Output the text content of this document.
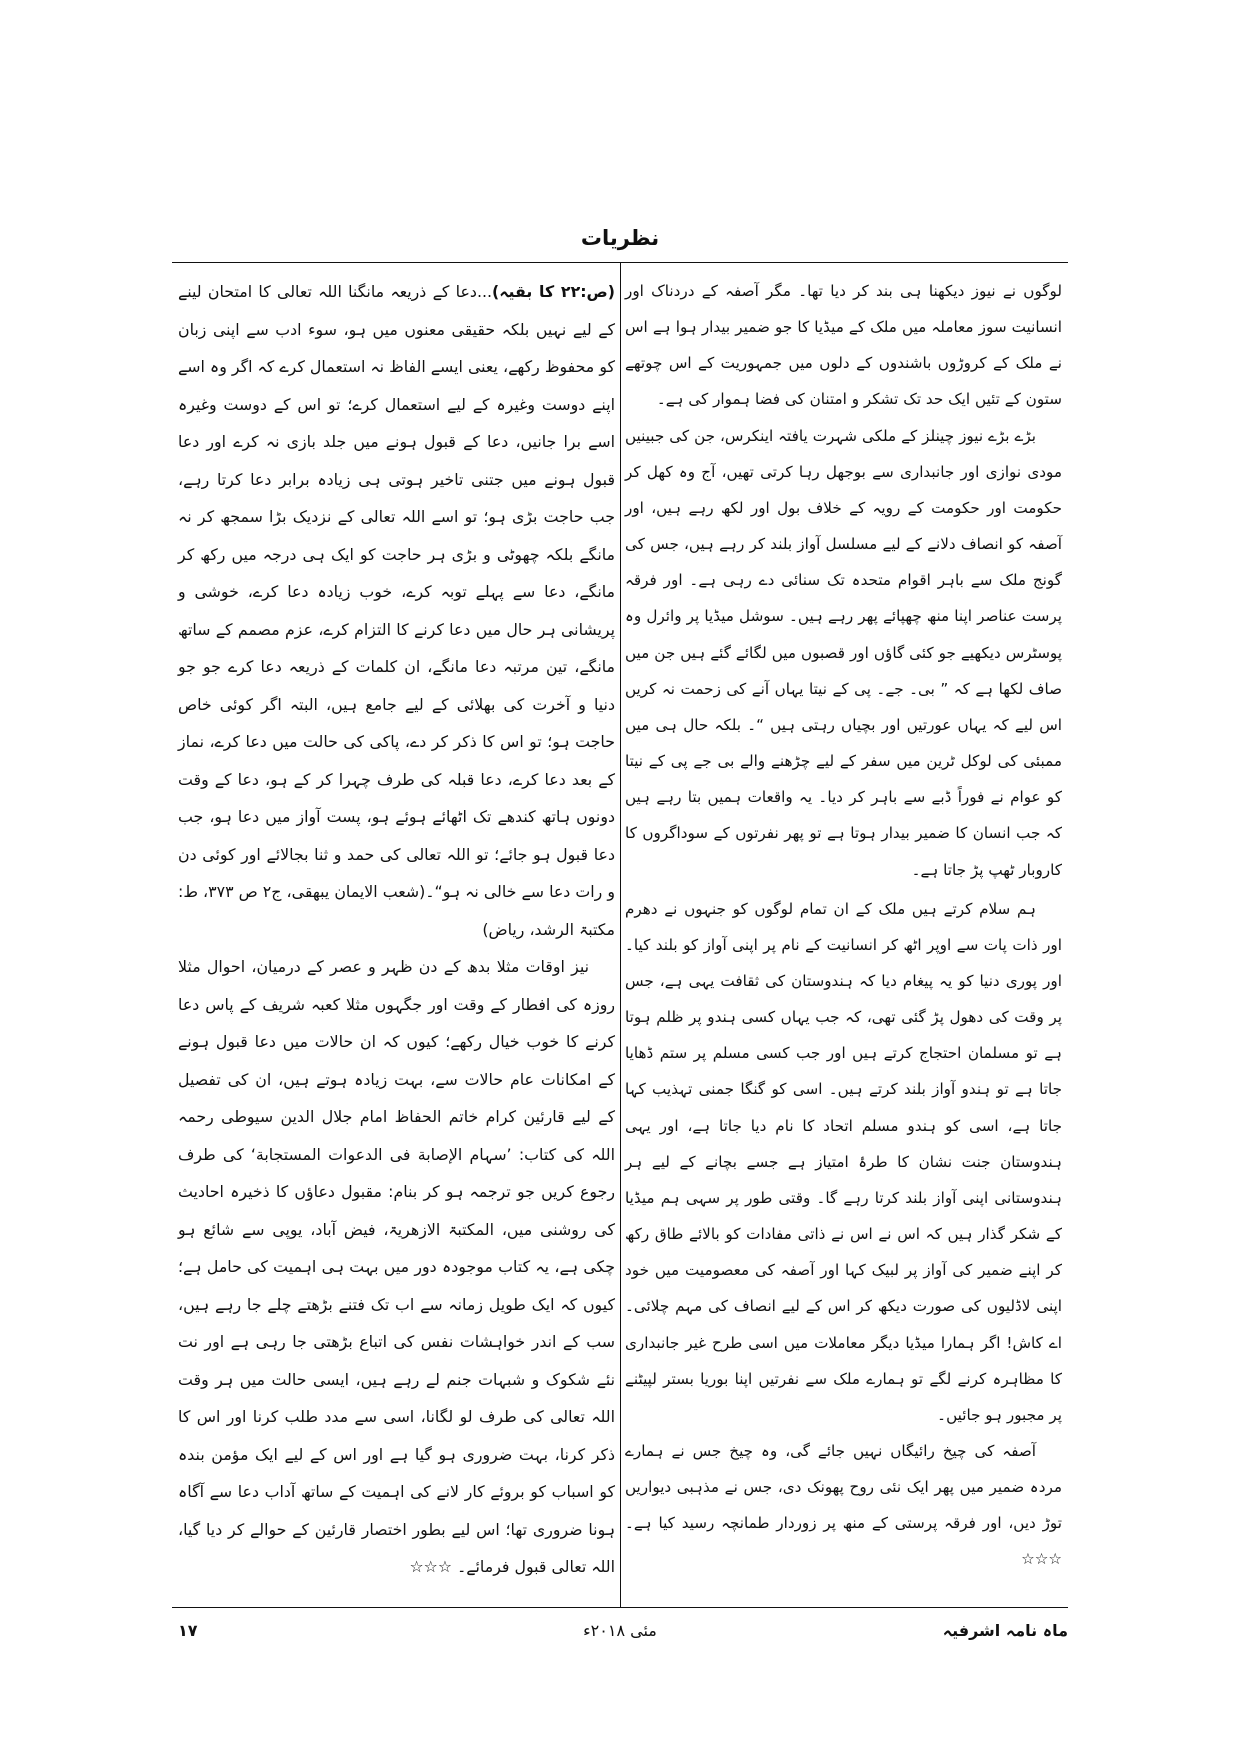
نظریات

لوگوں نے نیوز دیکھنا ہی بند کر دیا تھا۔ مگر آصفہ کے دردناک اور انسانیت سوز معاملہ میں ملک کے میڈیا کا جو ضمیر بیدار ہوا ہے اس نے ملک کے کروڑوں باشندوں کے دلوں میں جمہوریت کے اس چوتھے ستون کے تئیں ایک حد تک تشکر و امتنان کی فضا ہموار کی ہے۔

بڑے بڑے نیوز چینلز کے ملکی شہرت یافتہ اینکرس، جن کی جبینیں مودی نوازی اور جانبداری سے بوجھل رہا کرتی تھیں، آج وہ کھل کر حکومت اور حکومت کے رویہ کے خلاف بول اور لکھ رہے ہیں، اور آصفہ کو انصاف دلانے کے لیے مسلسل آواز بلند کر رہے ہیں، جس کی گونج ملک سے باہر اقوام متحدہ تک سنائی دے رہی ہے۔ اور فرقہ پرست عناصر اپنا منھ چھپائے پھر رہے ہیں۔ سوشل میڈیا پر وائرل وہ پوسٹرس دیکھیے جو کئی گاؤں اور قصبوں میں لگائے گئے ہیں جن میں صاف لکھا ہے کہ ” بی۔ جے۔ پی کے نیتا یہاں آنے کی زحمت نہ کریں اس لیے کہ یہاں عورتیں اور بچیاں رہتی ہیں “۔ بلکہ حال ہی میں ممبئی کی لوکل ٹرین میں سفر کے لیے چڑھنے والے بی جے پی کے نیتا کو عوام نے فوراً ڈبے سے باہر کر دیا۔ یہ واقعات ہمیں بتا رہے ہیں کہ جب انسان کا ضمیر بیدار ہوتا ہے تو پھر نفرتوں کے سوداگروں کا کاروبار ٹھپ پڑ جاتا ہے۔

ہم سلام کرتے ہیں ملک کے ان تمام لوگوں کو جنہوں نے دھرم اور ذات پات سے اوپر اٹھ کر انسانیت کے نام پر اپنی آواز کو بلند کیا۔ اور پوری دنیا کو یہ پیغام دیا کہ ہندوستان کی ثقافت یہی ہے، جس پر وقت کی دھول پڑ گئی تھی، کہ جب یہاں کسی ہندو پر ظلم ہوتا ہے تو مسلمان احتجاج کرتے ہیں اور جب کسی مسلم پر ستم ڈھایا جاتا ہے تو ہندو آواز بلند کرتے ہیں۔ اسی کو گنگا جمنی تہذیب کہا جاتا ہے، اسی کو ہندو مسلم اتحاد کا نام دیا جاتا ہے، اور یہی ہندوستان جنت نشان کا طرۂ امتیاز ہے جسے بچانے کے لیے ہر ہندوستانی اپنی آواز بلند کرتا رہے گا۔ وقتی طور پر سہی ہم میڈیا کے شکر گذار ہیں کہ اس نے اس نے ذاتی مفادات کو بالائے طاق رکھ کر اپنے ضمیر کی آواز پر لبیک کہا اور آصفہ کی معصومیت میں خود اپنی لاڈلیوں کی صورت دیکھ کر اس کے لیے انصاف کی مہم چلائی۔ اے کاش! اگر ہمارا میڈیا دیگر معاملات میں اسی طرح غیر جانبداری کا مظاہرہ کرنے لگے تو ہمارے ملک سے نفرتیں اپنا بوریا بستر لپیٹنے پر مجبور ہو جائیں۔

آصفہ کی چیخ رائیگاں نہیں جائے گی، وہ چیخ جس نے ہمارے مردہ ضمیر میں پھر ایک نئی روح پھونک دی، جس نے مذہبی دیواریں توڑ دیں، اور فرقہ پرستی کے منھ پر زوردار طمانچہ رسید کیا ہے۔ ☆☆☆

(ص:۲۲ کا بقیہ)...دعا کے ذریعہ مانگنا اللہ تعالی کا امتحان لینے کے لیے نہیں بلکہ حقیقی معنوں میں ہو، سوء ادب سے اپنی زبان کو محفوظ رکھے، یعنی ایسے الفاظ نہ استعمال کرے کہ اگر وہ اسے اپنے دوست وغیرہ کے لیے استعمال کرے؛ تو اس کے دوست وغیرہ اسے برا جانیں، دعا کے قبول ہونے میں جلد بازی نہ کرے اور دعا قبول ہونے میں جتنی تاخیر ہوتی ہی زیادہ برابر دعا کرتا رہے، جب حاجت بڑی ہو؛ تو اسے اللہ تعالی کے نزدیک بڑا سمجھ کر نہ مانگے بلکہ چھوٹی و بڑی ہر حاجت کو ایک ہی درجہ میں رکھ کر مانگے، دعا سے پہلے توبہ کرے، خوب زیادہ دعا کرے، خوشی و پریشانی ہر حال میں دعا کرنے کا التزام کرے، عزم مصمم کے ساتھ مانگے، تین مرتبہ دعا مانگے، ان کلمات کے ذریعہ دعا کرے جو جو دنیا و آخرت کی بھلائی کے لیے جامع ہیں، البتہ اگر کوئی خاص حاجت ہو؛ تو اس کا ذکر کر دے، پاکی کی حالت میں دعا کرے، نماز کے بعد دعا کرے، دعا قبلہ کی طرف چہرا کر کے ہو، دعا کے وقت دونوں ہاتھ کندھے تک اٹھائے ہوئے ہو، پست آواز میں دعا ہو، جب دعا قبول ہو جائے؛ تو اللہ تعالی کی حمد و ثنا بجالائے اور کوئی دن و رات دعا سے خالی نہ ہو“۔(شعب الایمان یبھقی، ج۲ ص ۳۷۳، ط: مکتبۃ الرشد، ریاض)

نیز اوقات مثلا بدھ کے دن ظہر و عصر کے درمیان، احوال مثلا روزہ کی افطار کے وقت اور جگہوں مثلا کعبہ شریف کے پاس دعا کرنے کا خوب خیال رکھے؛ کیوں کہ ان حالات میں دعا قبول ہونے کے امکانات عام حالات سے، بہت زیادہ ہوتے ہیں، ان کی تفصیل کے لیے قارئین کرام خاتم الحفاظ امام جلال الدین سیوطی رحمہ اللہ کی کتاب: ’سہام الإصابة فی الدعوات المستجابة‘ کی طرف رجوع کریں جو ترجمہ ہو کر بنام: مقبول دعاؤں کا ذخیرہ احادیث کی روشنی میں، المکتبۃ الازھریۃ، فیض آباد، یوپی سے شائع ہو چکی ہے، یہ کتاب موجودہ دور میں بہت ہی اہمیت کی حامل ہے؛ کیوں کہ ایک طویل زمانہ سے اب تک فتنے بڑھتے چلے جا رہے ہیں، سب کے اندر خواہشات نفس کی اتباع بڑھتی جا رہی ہے اور نت نئے شکوک و شبہات جنم لے رہے ہیں، ایسی حالت میں ہر وقت اللہ تعالی کی طرف لو لگانا، اسی سے مدد طلب کرنا اور اس کا ذکر کرنا، بہت ضروری ہو گیا ہے اور اس کے لیے ایک مؤمن بندہ کو اسباب کو بروئے کار لانے کی اہمیت کے ساتھ آداب دعا سے آگاہ ہونا ضروری تھا؛ اس لیے بطور اختصار قارئین کے حوالے کر دیا گیا، اللہ تعالی قبول فرمائے۔ ☆☆☆

۱۷	مئی ۲۰۱۸ء	ماہ نامہ اشرفیہ
